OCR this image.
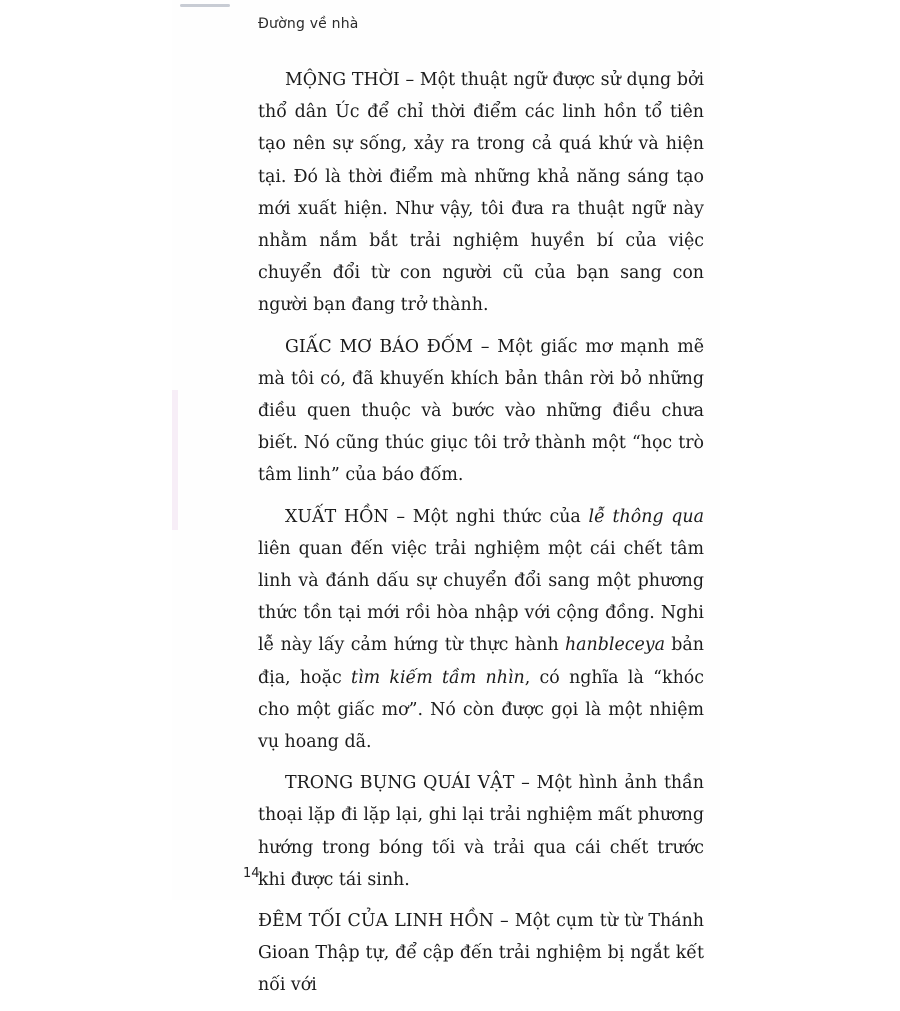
Đường về nhà

MỘNG THỜI – Một thuật ngữ được sử dụng bởi thổ dân Úc để chỉ thời điểm các linh hồn tổ tiên tạo nên sự sống, xảy ra trong cả quá khứ và hiện tại. Đó là thời điểm mà những khả năng sáng tạo mới xuất hiện. Như vậy, tôi đưa ra thuật ngữ này nhằm nắm bắt trải nghiệm huyền bí của việc chuyển đổi từ con người cũ của bạn sang con người bạn đang trở thành.

GIẤC MƠ BÁO ĐỐM – Một giấc mơ mạnh mẽ mà tôi có, đã khuyến khích bản thân rời bỏ những điều quen thuộc và bước vào những điều chưa biết. Nó cũng thúc giục tôi trở thành một “học trò tâm linh” của báo đốm.

XUẤT HỒN – Một nghi thức của lễ thông qua liên quan đến việc trải nghiệm một cái chết tâm linh và đánh dấu sự chuyển đổi sang một phương thức tồn tại mới rồi hòa nhập với cộng đồng. Nghi lễ này lấy cảm hứng từ thực hành hanbleceya bản địa, hoặc tìm kiếm tầm nhìn, có nghĩa là “khóc cho một giấc mơ”. Nó còn được gọi là một nhiệm vụ hoang dã.

TRONG BỤNG QUÁI VẬT – Một hình ảnh thần thoại lặp đi lặp lại, ghi lại trải nghiệm mất phương hướng trong bóng tối và trải qua cái chết trước khi được tái sinh.

ĐÊM TỐI CỦA LINH HỒN – Một cụm từ từ Thánh Gioan Thập tự, để cập đến trải nghiệm bị ngắt kết nối với

14
